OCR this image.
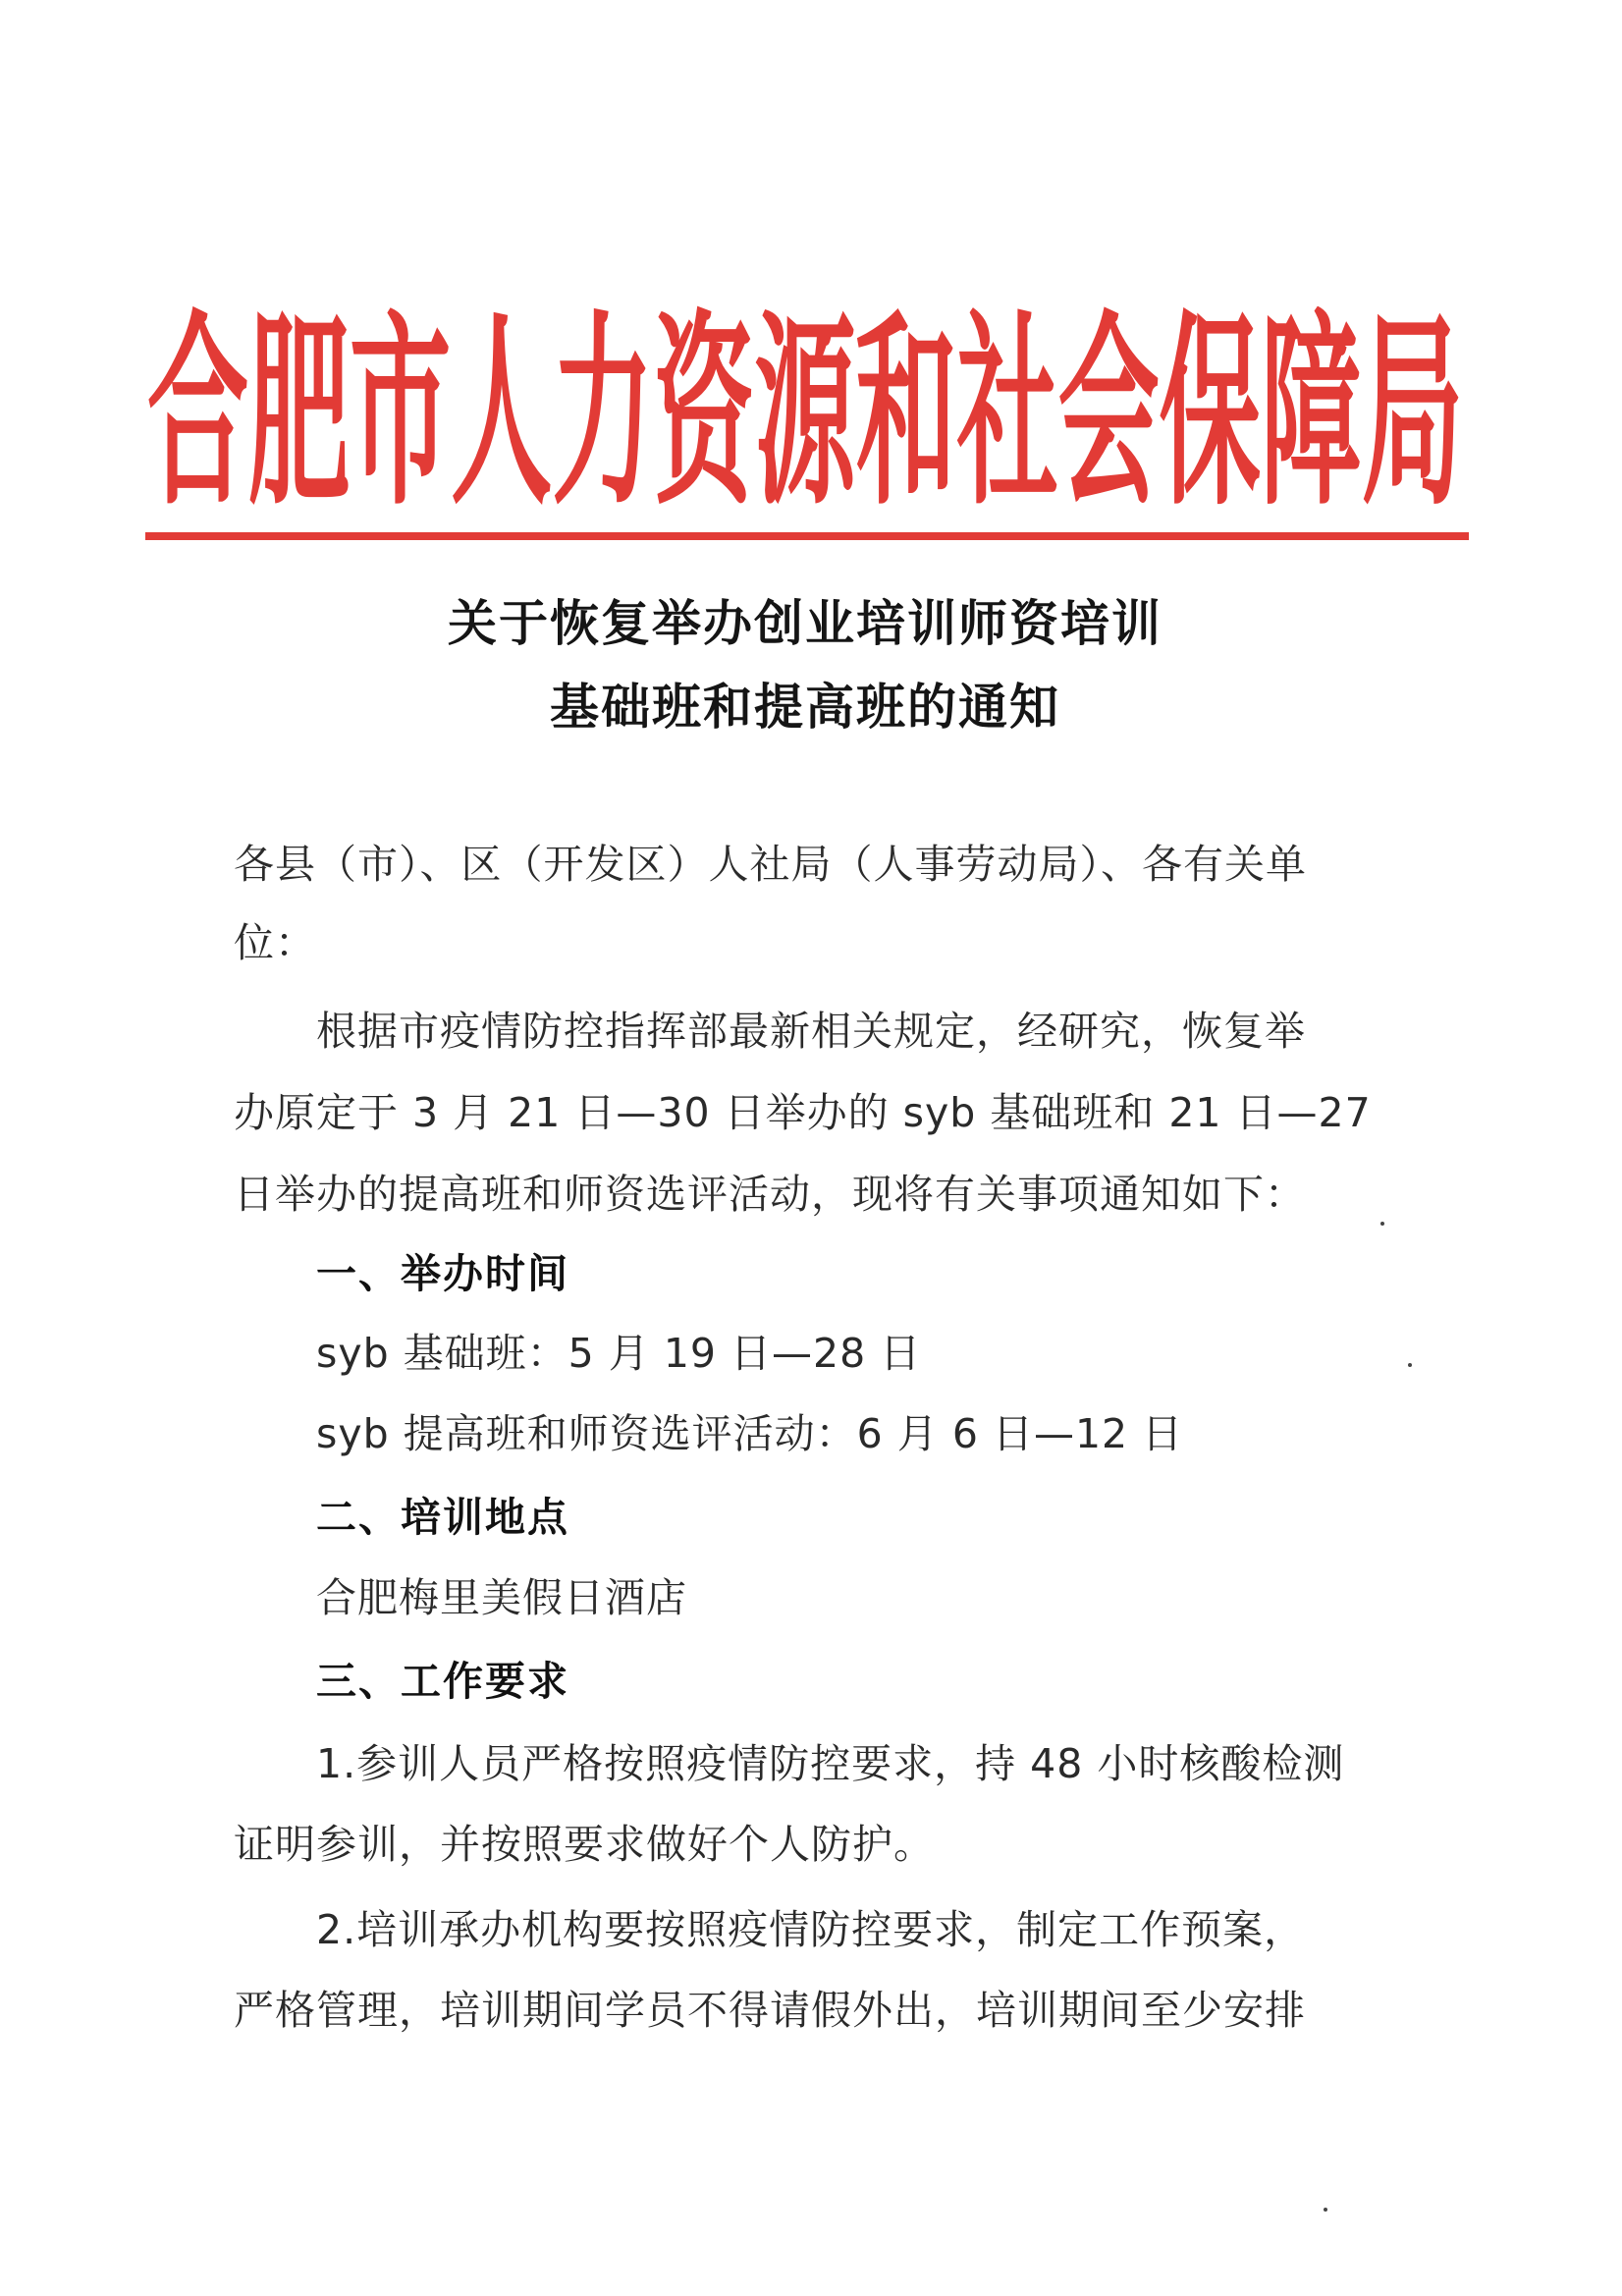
合肥市人力资源和社会保障局
关于恢复举办创业培训师资培训
基础班和提高班的通知
各县（市）、区（开发区）人社局（人事劳动局）、各有关单
位：
根据市疫情防控指挥部最新相关规定，经研究，恢复举
办原定于 3 月 21 日—30 日举办的 syb 基础班和 21 日—27
日举办的提高班和师资选评活动，现将有关事项通知如下：
一、举办时间
syb 基础班：5 月 19 日—28 日
syb 提高班和师资选评活动：6 月 6 日—12 日
二、培训地点
合肥梅里美假日酒店
三、工作要求
1.参训人员严格按照疫情防控要求，持 48 小时核酸检测
证明参训，并按照要求做好个人防护。
2.培训承办机构要按照疫情防控要求，制定工作预案，
严格管理，培训期间学员不得请假外出，培训期间至少安排
